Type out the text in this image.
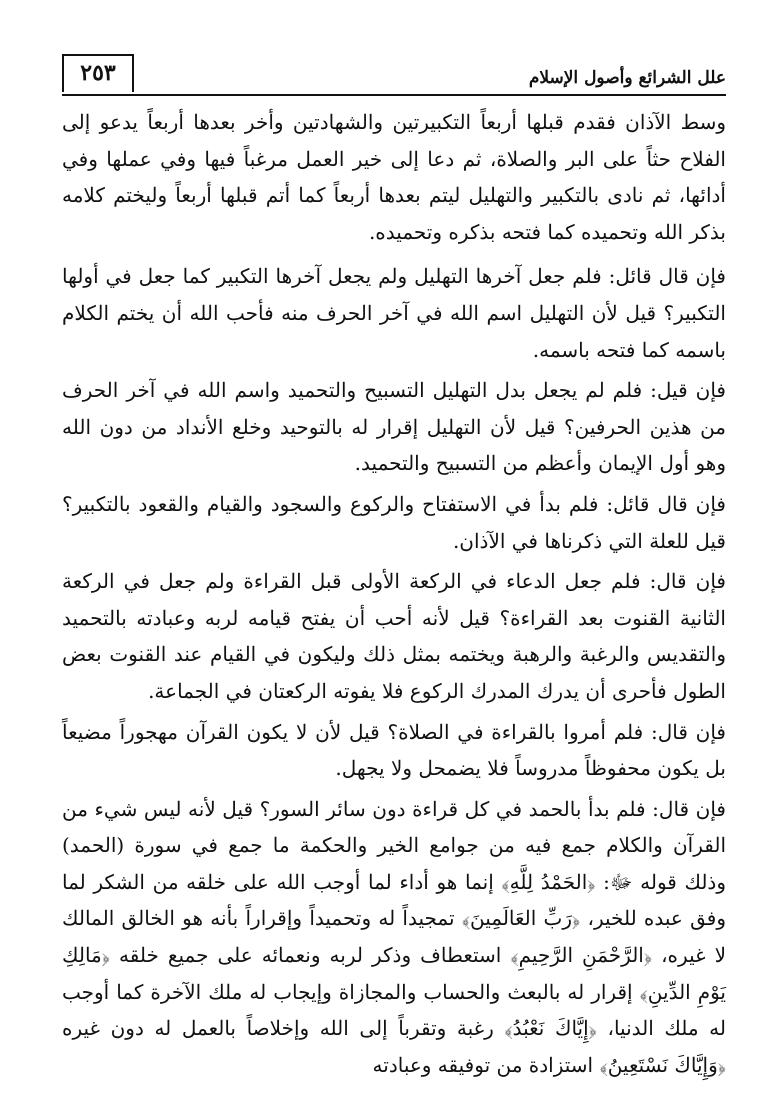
علل الشرائع وأصول الإسلام
٢٥٣

وسط الآذان فقدم قبلها أربعاً التكبيرتين والشهادتين وأخر بعدها أربعاً يدعو إلى الفلاح حثاً على البر والصلاة، ثم دعا إلى خير العمل مرغباً فيها وفي عملها وفي أدائها، ثم نادى بالتكبير والتهليل ليتم بعدها أربعاً كما أتم قبلها أربعاً وليختم كلامه بذكر الله وتحميده كما فتحه بذكره وتحميده.

فإن قال قائل: فلم جعل آخرها التهليل ولم يجعل آخرها التكبير كما جعل في أولها التكبير؟ قيل لأن التهليل اسم الله في آخر الحرف منه فأحب الله أن يختم الكلام باسمه كما فتحه باسمه.

فإن قيل: فلم لم يجعل بدل التهليل التسبيح والتحميد واسم الله في آخر الحرف من هذين الحرفين؟ قيل لأن التهليل إقرار له بالتوحيد وخلع الأنداد من دون الله وهو أول الإيمان وأعظم من التسبيح والتحميد.

فإن قال قائل: فلم بدأ في الاستفتاح والركوع والسجود والقيام والقعود بالتكبير؟ قيل للعلة التي ذكرناها في الآذان.

فإن قال: فلم جعل الدعاء في الركعة الأولى قبل القراءة ولم جعل في الركعة الثانية القنوت بعد القراءة؟ قيل لأنه أحب أن يفتح قيامه لربه وعبادته بالتحميد والتقديس والرغبة والرهبة ويختمه بمثل ذلك وليكون في القيام عند القنوت بعض الطول فأحرى أن يدرك المدرك الركوع فلا يفوته الركعتان في الجماعة.

فإن قال: فلم أمروا بالقراءة في الصلاة؟ قيل لأن لا يكون القرآن مهجوراً مضيعاً بل يكون محفوظاً مدروساً فلا يضمحل ولا يجهل.

فإن قال: فلم بدأ بالحمد في كل قراءة دون سائر السور؟ قيل لأنه ليس شيء من القرآن والكلام جمع فيه من جوامع الخير والحكمة ما جمع في سورة (الحمد) وذلك قوله ﷻ: ﴿الحَمْدُ لِلَّهِ﴾ إنما هو أداء لما أوجب الله على خلقه من الشكر لما وفق عبده للخير، ﴿رَبِّ العَالَمِينَ﴾ تمجيداً له وتحميداً وإقراراً بأنه هو الخالق المالك لا غيره، ﴿الرَّحْمَنِ الرَّحِيمِ﴾ استعطاف وذكر لربه ونعمائه على جميع خلقه ﴿مَالِكِ يَوْمِ الدِّينِ﴾ إقرار له بالبعث والحساب والمجازاة وإيجاب له ملك الآخرة كما أوجب له ملك الدنيا، ﴿إِيَّاكَ نَعْبُدُ﴾ رغبة وتقرباً إلى الله وإخلاصاً بالعمل له دون غيره ﴿وَإِيَّاكَ نَسْتَعِينُ﴾ استزادة من توفيقه وعبادته
